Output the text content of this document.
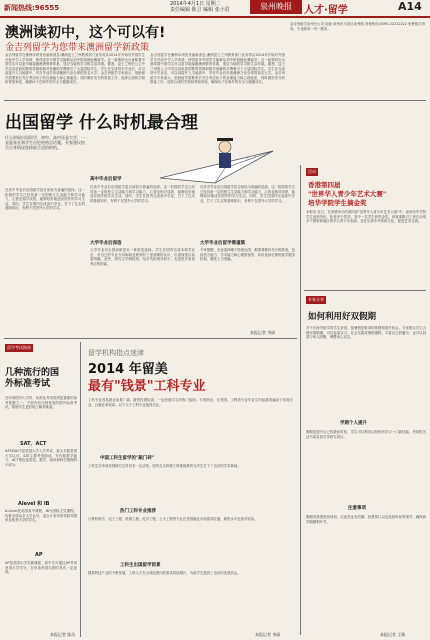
新闻热线:96555	2014年4月1日 星期二
责任编辑 陈卫 编辑 张小眉	泉州晚报	人才·留学	A14
澳洲读初中，这个可以有!
金吉列留学为您带来澳洲留学新政策
金吉列留学在澳洲本州发布最新消息:澳洲昆士兰州教育部门宣布将从2014年开始对外国学生开放中学入学申请，使得更多中国学生能够从初中阶段就赴澳留学。这一政策的出台意味着中国学生可以更早地接触澳洲教育体系，适应当地的学习和生活环境。据悉，昆士兰州的公立中学以其优质的教育资源和相对低廉的学费吸引了大量国际学生。学生在完成初中学业后，可以直接升入当地高中，并在毕业后申请澳洲乃至全球的知名大学。金吉列留学专家表示，低龄留学需要家长充分考虑孩子的自理能力和心理素质，同时做好充分的准备工作，选择合适的学校和寄宿家庭，确保孩子在海外的安全与健康成长。
金吉列留学在澳洲本州发布最新消息:澳洲昆士兰州教育部门宣布将从2014年开始对外国学生开放中学入学申请，使得更多中国学生能够从初中阶段就赴澳留学。这一政策的出台意味着中国学生可以更早地接触澳洲教育体系，适应当地的学习和生活环境。据悉，昆士兰州的公立中学以其优质的教育资源和相对低廉的学费吸引了大量国际学生。学生在完成初中学业后，可以直接升入当地高中，并在毕业后申请澳洲乃至全球的知名大学。金吉列留学专家表示，低龄留学需要家长充分考虑孩子的自理能力和心理素质，同时做好充分的准备工作，选择合适的学校和寄宿家庭，确保孩子在海外的安全与健康成长。
金吉列留学泉州分公司 地址:泉州市丰泽区泉秀路 咨询热线:0595-22222222 免费留学咨询，专业顾问一对一服务。
出国留学 什么时机最合理
什么时候出国留学，初中、高中还是大学，一直是家长和学生讨论的热点话题，专家建议结合自身情况选择最合适的时机。
在高中毕业后出国留学是目前较为普遍的选择。这一阶段的学生已经具备一定的独立生活能力和学习能力，心智也相对成熟，能够较好地适应国外的学习生活。同时，学生在国内完成高中学业，打下了扎实的基础知识，有利于在国外大学的学习。
高中毕业后留学
大学毕业后深造
大学毕业后出国读研是另一种常见选择。学生在国内完成本科学业后，对自己的专业方向和职业规划有了更清晰的认识，出国深造目标更明确。此外，研究生学制较短，经济负担相对较小，也是很多家庭考虑的因素。
大学毕业后留学需谨慎
在高中毕业后出国留学是目前较为普遍的选择。这一阶段的学生已经具备一定的独立生活能力和学习能力，心智也相对成熟，能够较好地适应国外的学习生活。同时，学生在国内完成高中学业，打下了扎实的基础知识，有利于在国外大学的学习。
专家提醒，无论选择哪个阶段出国，都需要做好充分的准备，包括语言能力、学术能力和心理准备等，同时选择正规的留学服务机构，避免上当受骗。
在高中毕业后出国留学是目前较为普遍的选择。这一阶段的学生已经具备一定的独立生活能力和学习能力，心智也相对成熟，能够较好地适应国外的学习生活。同时，学生在国内完成高中学业，打下了扎实的基础知识，有利于在国外大学的学习。
本报记者 李丽
留学考试指南
几种流行的国外标准考试
在申请国外大学时，标准化考试成绩是重要的参考依据之一。下面介绍几种常见的国外标准考试，帮助学生更好地了解和准备。
SAT、ACT
SAT和ACT是美国大学入学考试，被大多数美国大学认可。SAT主要考查阅读、写作和数学能力，ACT则包括英语、数学、阅读和科学推理四个部分。
Alevel 和 IB
A-Level是英国高中课程，IB为国际文凭课程，均被全球众多大学认可，适合计划申请英联邦国家及欧美大学的学生。
AP
AP是美国大学先修课程，高中生可通过AP考试获得大学学分，在申请美国名校时具有一定优势。
本报记者 陈洁
留学机构指点迷津
2014 年留美
最有"钱景"工科专业
工科专业因其就业前景广阔、薪资待遇较高，一直是留学生的热门选择。专家指出，在美国，工程类专业毕业生的起薪普遍高于其他专业，且就业率较高。以下几个工科专业值得关注。
中国工科生留学的"敲门砖"
工科生在申请美国研究生时具有一定优势，国内扎实的理工科基础教育为学生打下了良好的学术基础。
热门工科专业推荐
计算机科学、电子工程、机械工程、化学工程、土木工程等专业在美国就业市场需求旺盛，薪资水平也相对较高。
工科生出国留学前景
随着科技产业的不断发展，工科人才在全球范围内的需求持续增长，为留学生提供了良好的发展机会。
本报记者 李丽
活动
香港第四届
"世界华人青少年艺术大赛"
培华学院学生摘金奖
本报讯 近日，在香港举办的第四届"世界华人青少年艺术大赛"中，泉州培华学院学生表现突出，斩获多个奖项，其中一名学生获得金奖。该赛事吸引了来自全球多个国家和地区的华人青少年参加，旨在弘扬中华传统文化，促进艺术交流。
专家分享
如何利用好双假期
对于在海外留学的学生来说，寒暑假是难得的休整和提升机会。专家建议学生合理安排假期，可以参加实习、社会实践或暑期课程，丰富自己的履历；也可以回国与家人团聚，调整身心状态。
学期个人提升
假期是提升自己的最佳时机，学生可以利用这段时间学习一门新技能、考取相关证书或参加学术研究项目。
注意事项
假期安排需提前规划，注意签证有效期、机票预订以及返校时间等细节，确保新学期顺利开学。
本报记者 王敏
